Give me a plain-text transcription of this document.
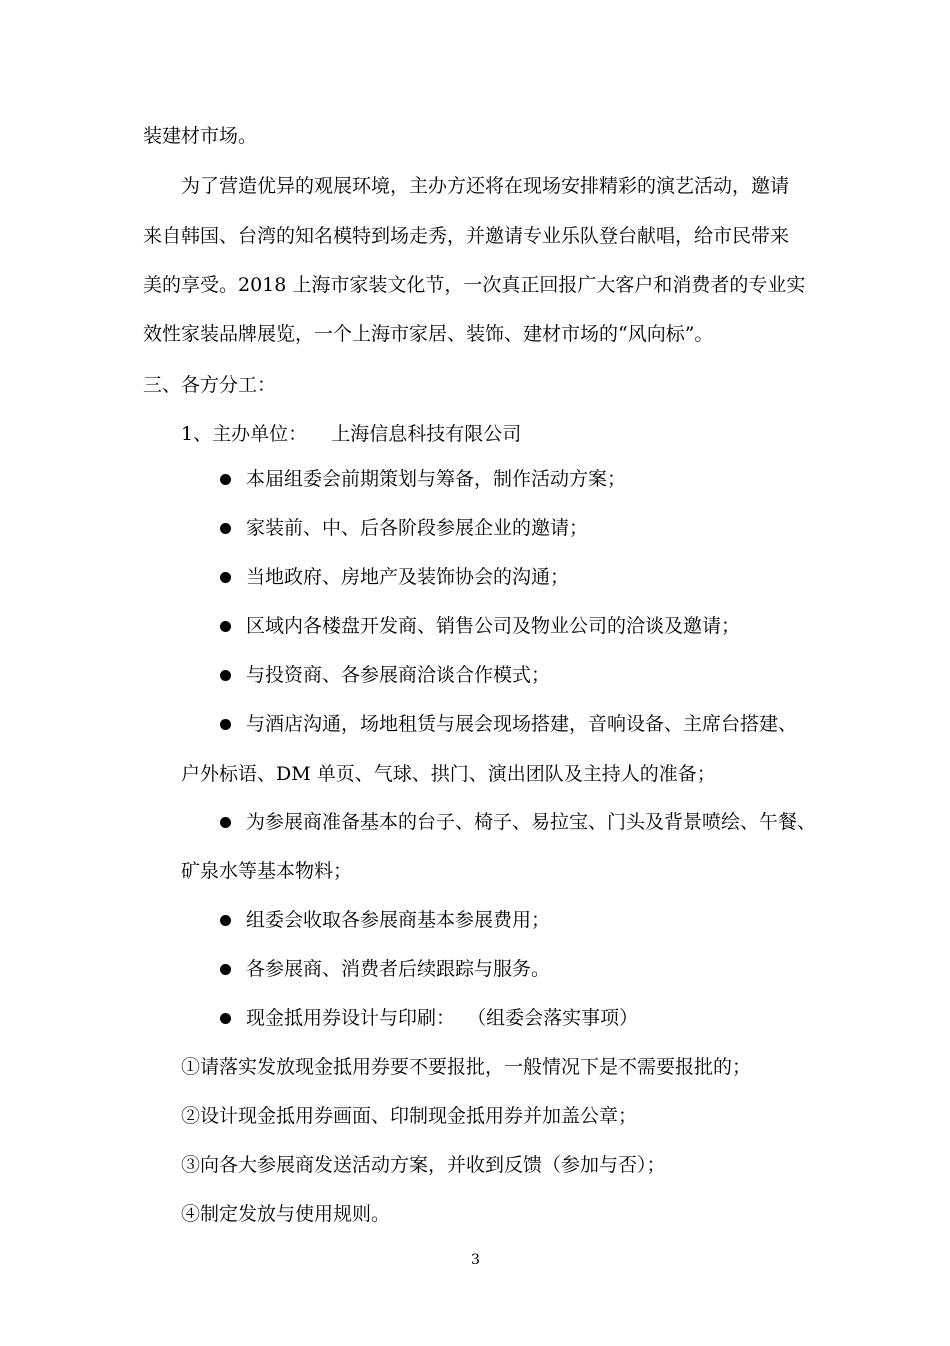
装建材市场。
为了营造优异的观展环境，主办方还将在现场安排精彩的演艺活动，邀请
来自韩国、台湾的知名模特到场走秀，并邀请专业乐队登台献唱，给市民带来
美的享受。2018 上海市家装文化节，一次真正回报广大客户和消费者的专业实
效性家装品牌展览，一个上海市家居、装饰、建材市场的“风向标”。
三、各方分工：
1、主办单位：    上海信息科技有限公司
本届组委会前期策划与筹备，制作活动方案；
家装前、中、后各阶段参展企业的邀请；
当地政府、房地产及装饰协会的沟通；
区域内各楼盘开发商、销售公司及物业公司的洽谈及邀请；
与投资商、各参展商洽谈合作模式；
与酒店沟通，场地租赁与展会现场搭建，音响设备、主席台搭建、
户外标语、DM 单页、气球、拱门、演出团队及主持人的准备；
为参展商准备基本的台子、椅子、易拉宝、门头及背景喷绘、午餐、
矿泉水等基本物料；
组委会收取各参展商基本参展费用；
各参展商、消费者后续跟踪与服务。
现金抵用券设计与印刷：  （组委会落实事项）
①请落实发放现金抵用券要不要报批，一般情况下是不需要报批的；
②设计现金抵用券画面、印制现金抵用券并加盖公章；
③向各大参展商发送活动方案，并收到反馈（参加与否）；
④制定发放与使用规则。
3
